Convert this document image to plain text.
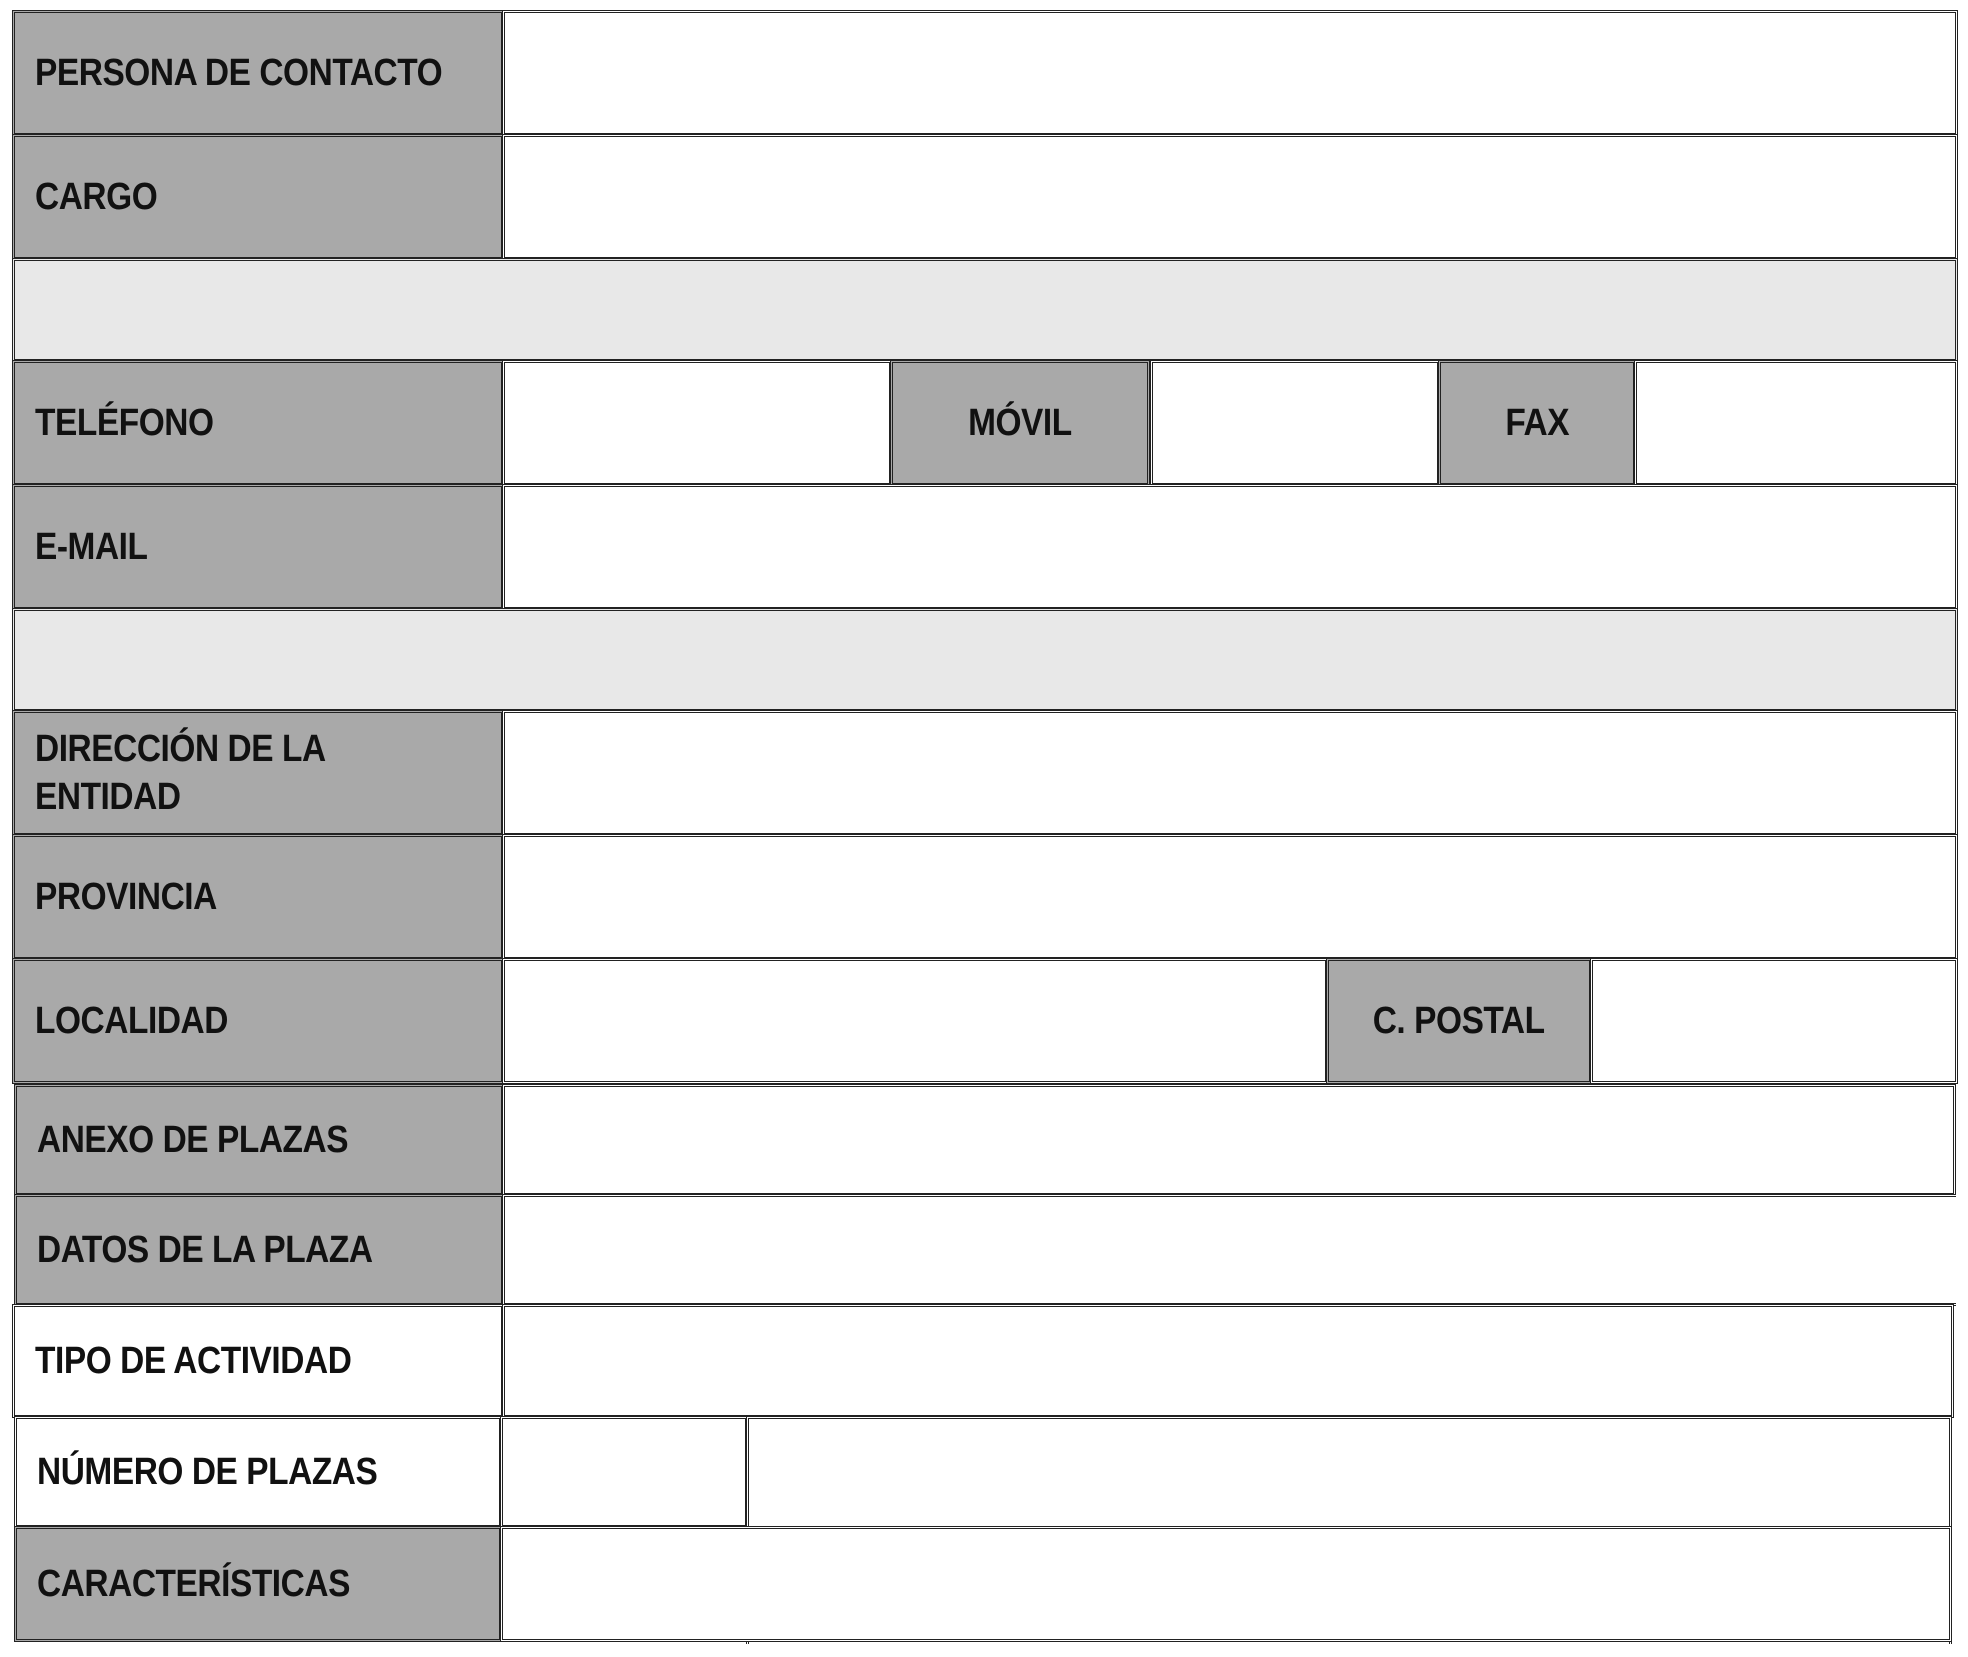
PERSONA DE CONTACTO
CARGO
TELÉFONO	MÓVIL	FAX
E-MAIL
DIRECCIÓN DE LA
ENTIDAD
PROVINCIA
LOCALIDAD	C. POSTAL
ANEXO DE PLAZAS
DATOS DE LA PLAZA
TIPO DE ACTIVIDAD
NÚMERO DE PLAZAS
CARACTERÍSTICAS
